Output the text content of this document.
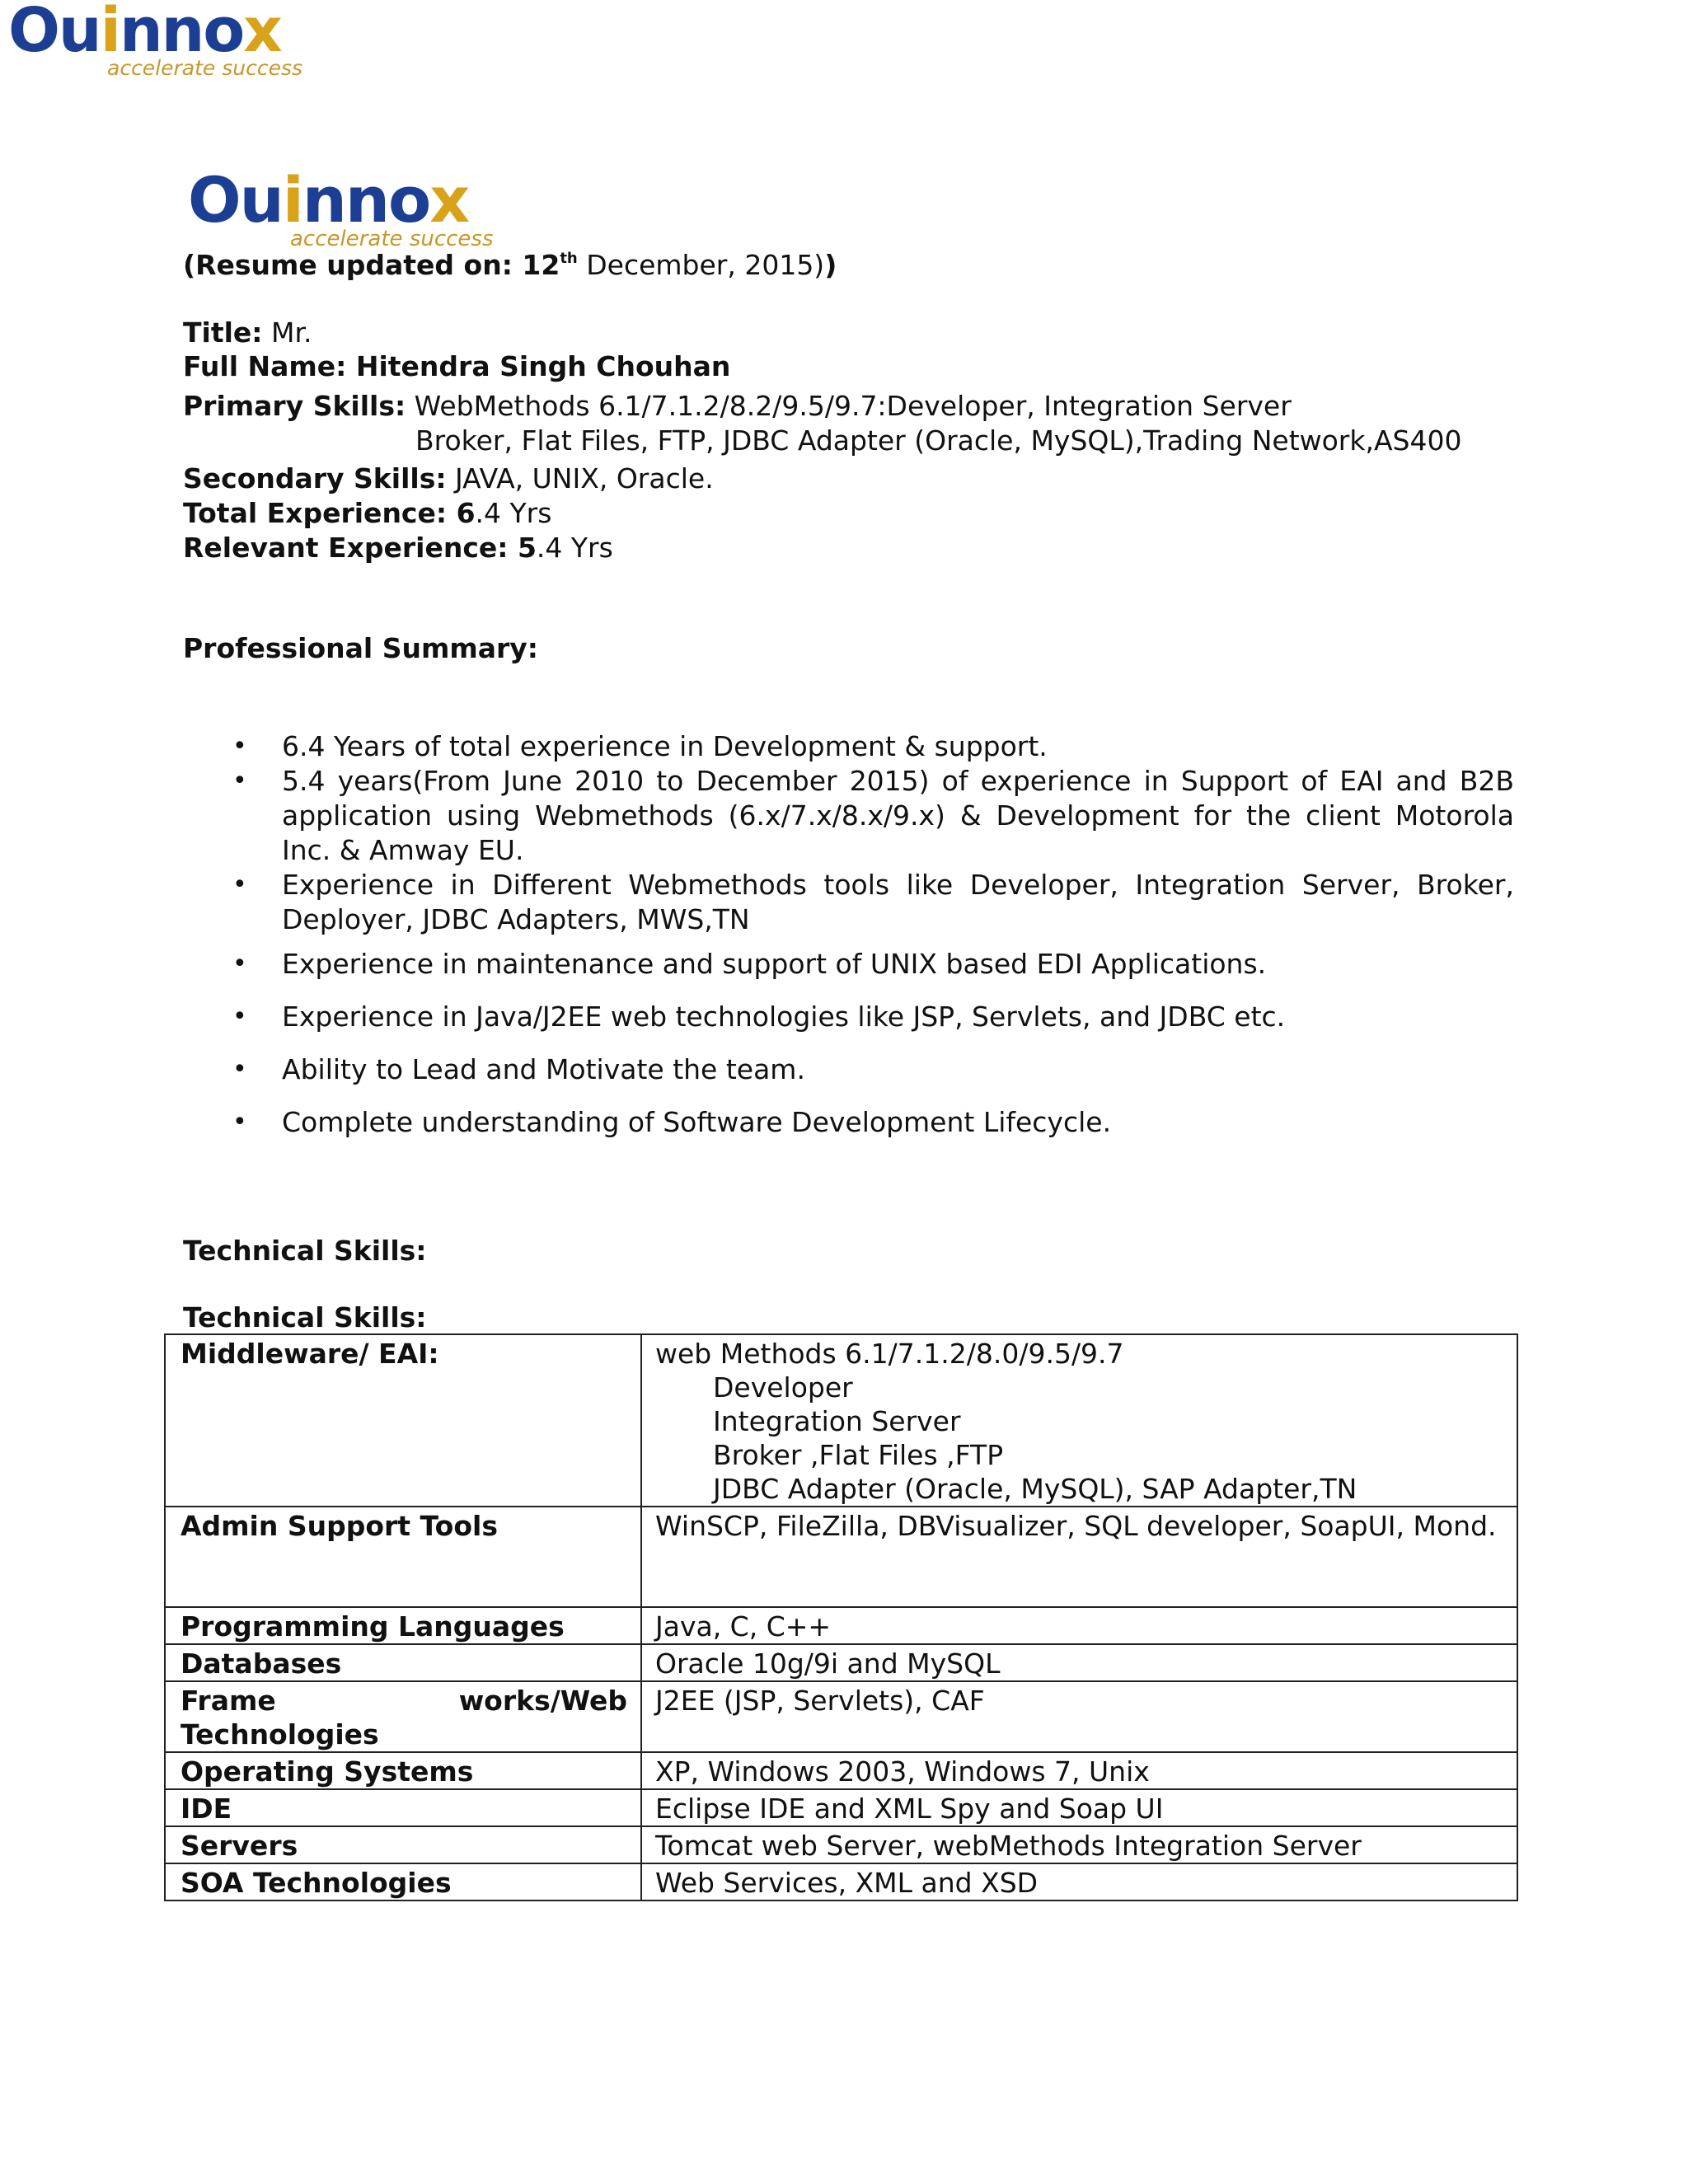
Ouinnox
accelerate success
Ouinnox
accelerate success
(Resume updated on: 12th December, 2015))
Title: Mr.
Full Name: Hitendra Singh Chouhan
Primary Skills: WebMethods 6.1/7.1.2/8.2/9.5/9.7:Developer, Integration Server
Broker, Flat Files, FTP, JDBC Adapter (Oracle, MySQL),Trading Network,AS400
Secondary Skills: JAVA, UNIX, Oracle.
Total Experience: 6.4 Yrs
Relevant Experience: 5.4 Yrs
Professional Summary:
• 6.4 Years of total experience in Development & support.
• 5.4 years(From June 2010 to December 2015) of experience in Support of EAI and B2B application using Webmethods (6.x/7.x/8.x/9.x) & Development for the client Motorola Inc. & Amway EU.
• Experience in Different Webmethods tools like Developer, Integration Server, Broker, Deployer, JDBC Adapters, MWS,TN
• Experience in maintenance and support of UNIX based EDI Applications.
• Experience in Java/J2EE web technologies like JSP, Servlets, and JDBC etc.
• Ability to Lead and Motivate the team.
• Complete understanding of Software Development Lifecycle.
Technical Skills:
Technical Skills:
Middleware/ EAI:	web Methods 6.1/7.1.2/8.0/9.5/9.7
Developer
Integration Server
Broker ,Flat Files ,FTP
JDBC Adapter (Oracle, MySQL), SAP Adapter,TN

Admin Support Tools	WinSCP, FileZilla, DBVisualizer, SQL developer, SoapUI, Mond.
Programming Languages	Java, C, C++
Databases	Oracle 10g/9i and MySQL

Frame works/Web
Technologies	J2EE (JSP, Servlets), CAF
Operating Systems	XP, Windows 2003, Windows 7, Unix
IDE	Eclipse IDE and XML Spy and Soap UI
Servers	Tomcat web Server, webMethods Integration Server
SOA Technologies	Web Services, XML and XSD
